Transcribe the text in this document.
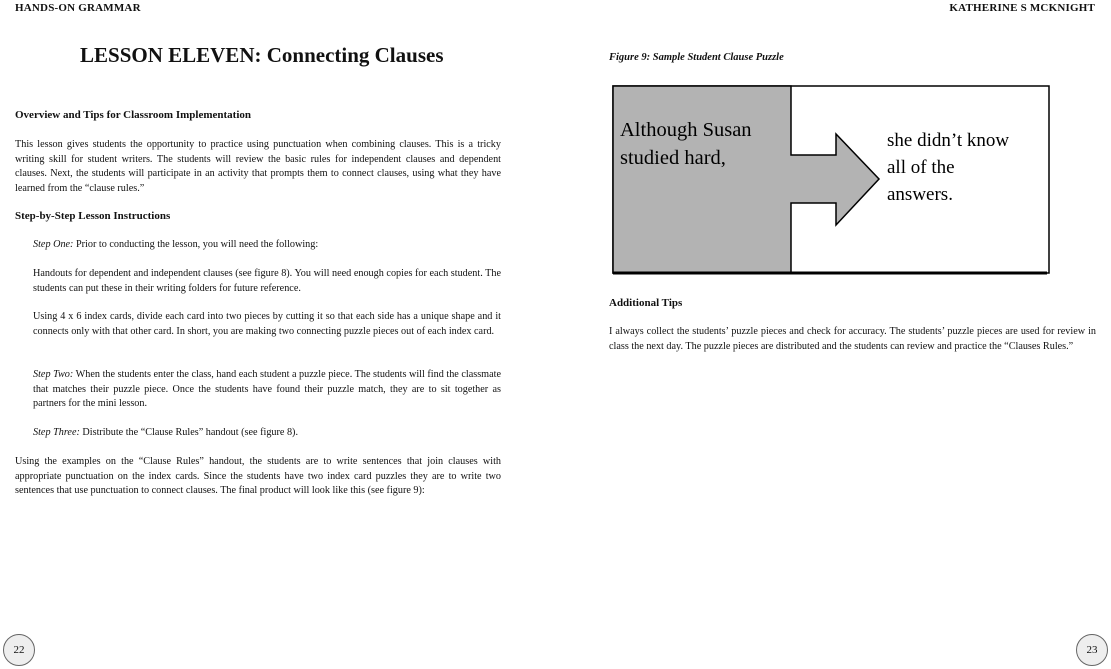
HANDS-ON GRAMMAR	KATHERINE S MCKNIGHT
LESSON ELEVEN: Connecting Clauses
Overview and Tips for Classroom Implementation

This lesson gives students the opportunity to practice using punctuation when combining clauses. This is a tricky writing skill for student writers. The students will review the basic rules for independent clauses and dependent clauses. Next, the students will participate in an activity that prompts them to connect clauses, using what they have learned from the “clause rules.”

Step-by-Step Lesson Instructions

Step One: Prior to conducting the lesson, you will need the following:

Handouts for dependent and independent clauses (see figure 8). You will need enough copies for each student. The students can put these in their writing folders for future reference.

Using 4 x 6 index cards, divide each card into two pieces by cutting it so that each side has a unique shape and it connects only with that other card. In short, you are making two connecting puzzle pieces out of each index card.

Step Two: When the students enter the class, hand each student a puzzle piece. The students will find the classmate that matches their puzzle piece. Once the students have found their puzzle match, they are to sit together as partners for the mini lesson.

Step Three: Distribute the “Clause Rules” handout (see figure 8).

Using the examples on the “Clause Rules” handout, the students are to write sentences that join clauses with appropriate punctuation on the index cards. Since the students have two index card puzzles they are to write two sentences that use punctuation to connect clauses. The final product will look like this (see figure 9):

22
Figure 9: Sample Student Clause Puzzle
Although Susan
studied hard,
she didn’t know
all of the
answers.
Additional Tips

I always collect the students’ puzzle pieces and check for accuracy. The students’ puzzle pieces are used for review in class the next day. The puzzle pieces are distributed and the students can review and practice the “Clauses Rules.”

23
